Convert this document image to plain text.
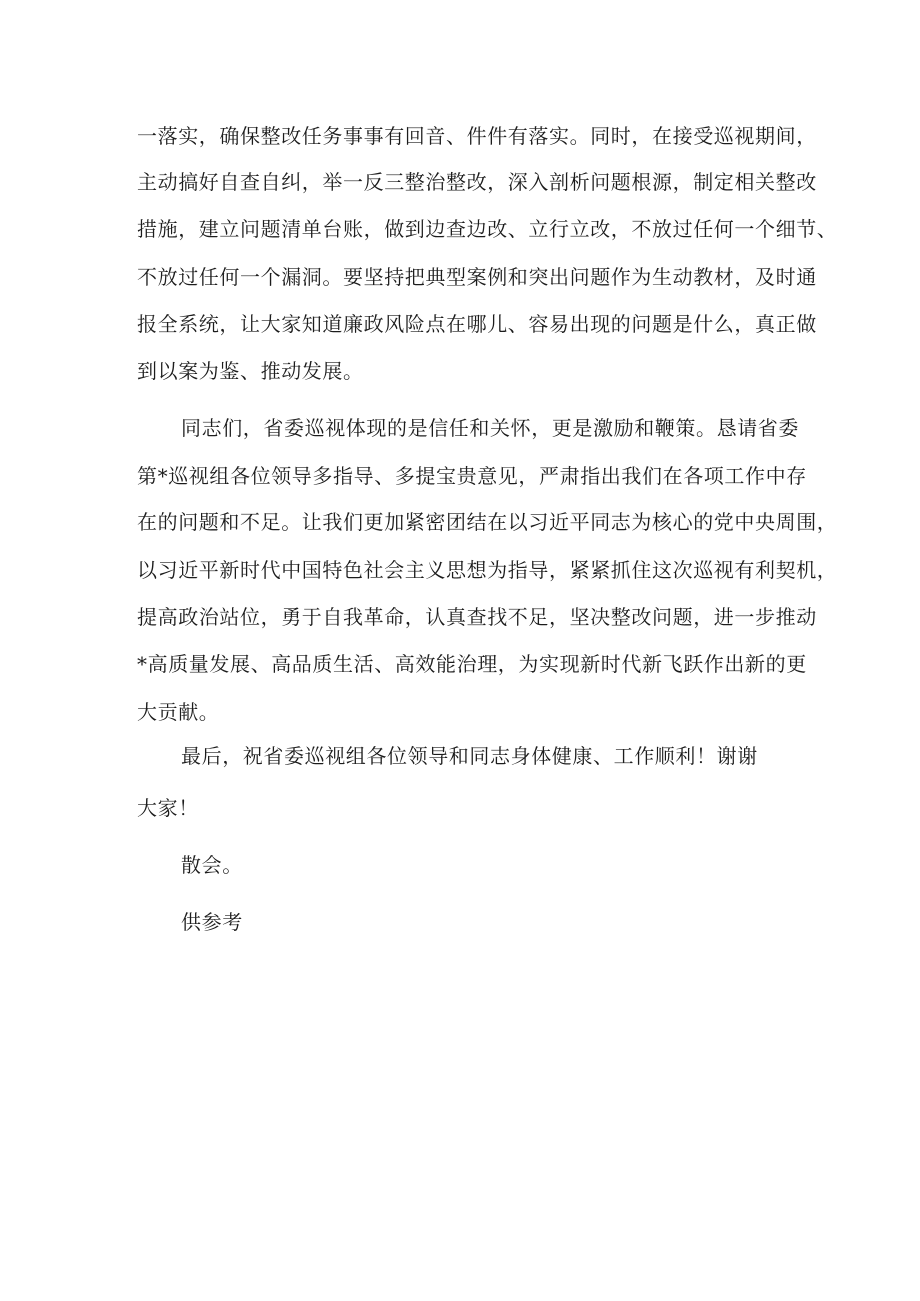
一落实，确保整改任务事事有回音、件件有落实。同时，在接受巡视期间，

主动搞好自查自纠，举一反三整治整改，深入剖析问题根源，制定相关整改

措施，建立问题清单台账，做到边查边改、立行立改，不放过任何一个细节、

不放过任何一个漏洞。要坚持把典型案例和突出问题作为生动教材，及时通

报全系统，让大家知道廉政风险点在哪儿、容易出现的问题是什么，真正做

到以案为鉴、推动发展。

同志们，省委巡视体现的是信任和关怀，更是激励和鞭策。恳请省委

第*巡视组各位领导多指导、多提宝贵意见，严肃指出我们在各项工作中存

在的问题和不足。让我们更加紧密团结在以习近平同志为核心的党中央周围，

以习近平新时代中国特色社会主义思想为指导，紧紧抓住这次巡视有利契机，

提高政治站位，勇于自我革命，认真查找不足，坚决整改问题，进一步推动

*高质量发展、高品质生活、高效能治理，为实现新时代新飞跃作出新的更

大贡献。

最后，祝省委巡视组各位领导和同志身体健康、工作顺利！谢谢

大家！

散会。

供参考
